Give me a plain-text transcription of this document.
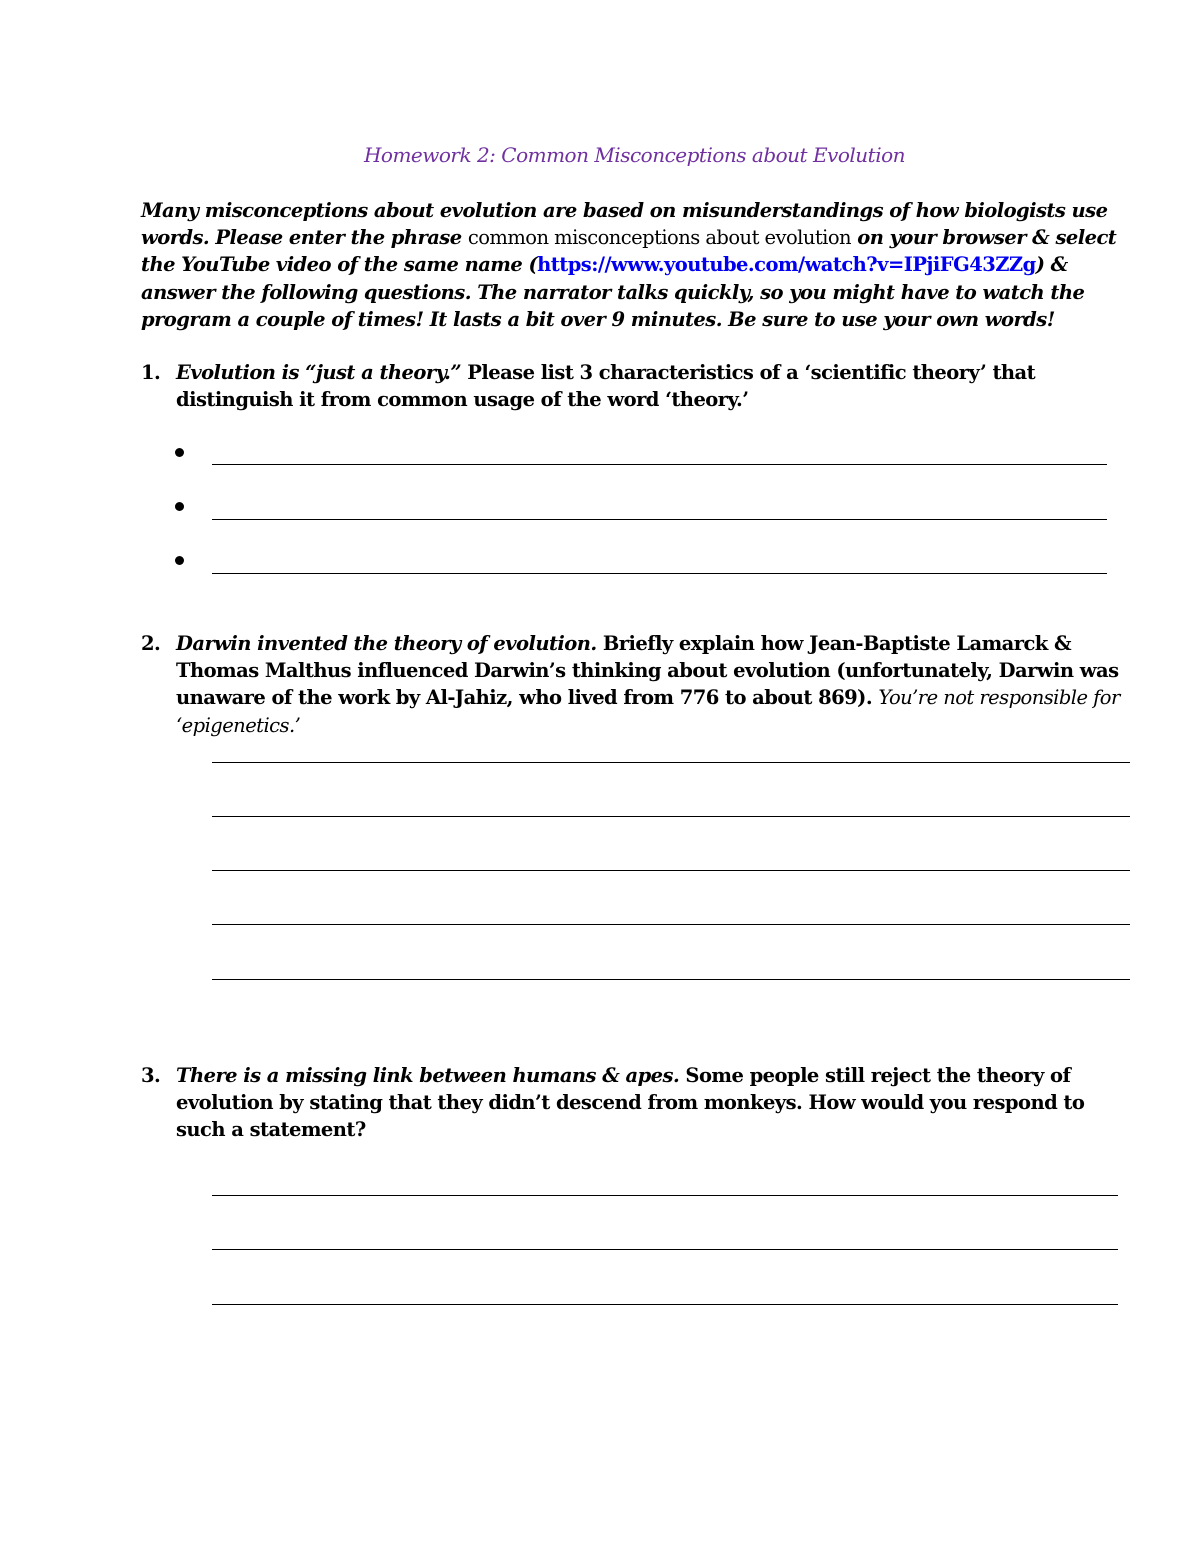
Homework 2: Common Misconceptions about Evolution
Many misconceptions about evolution are based on misunderstandings of how biologists use words. Please enter the phrase common misconceptions about evolution on your browser & select the YouTube video of the same name (https://www.youtube.com/watch?v=IPjiFG43ZZg) & answer the following questions. The narrator talks quickly, so you might have to watch the program a couple of times! It lasts a bit over 9 minutes. Be sure to use your own words!
1. Evolution is “just a theory.” Please list 3 characteristics of a ‘scientific theory’ that distinguish it from common usage of the word ‘theory.’
2. Darwin invented the theory of evolution. Briefly explain how Jean-Baptiste Lamarck & Thomas Malthus influenced Darwin’s thinking about evolution (unfortunately, Darwin was unaware of the work by Al-Jahiz, who lived from 776 to about 869). You’re not responsible for ‘epigenetics.’
3. There is a missing link between humans & apes. Some people still reject the theory of evolution by stating that they didn’t descend from monkeys. How would you respond to such a statement?
